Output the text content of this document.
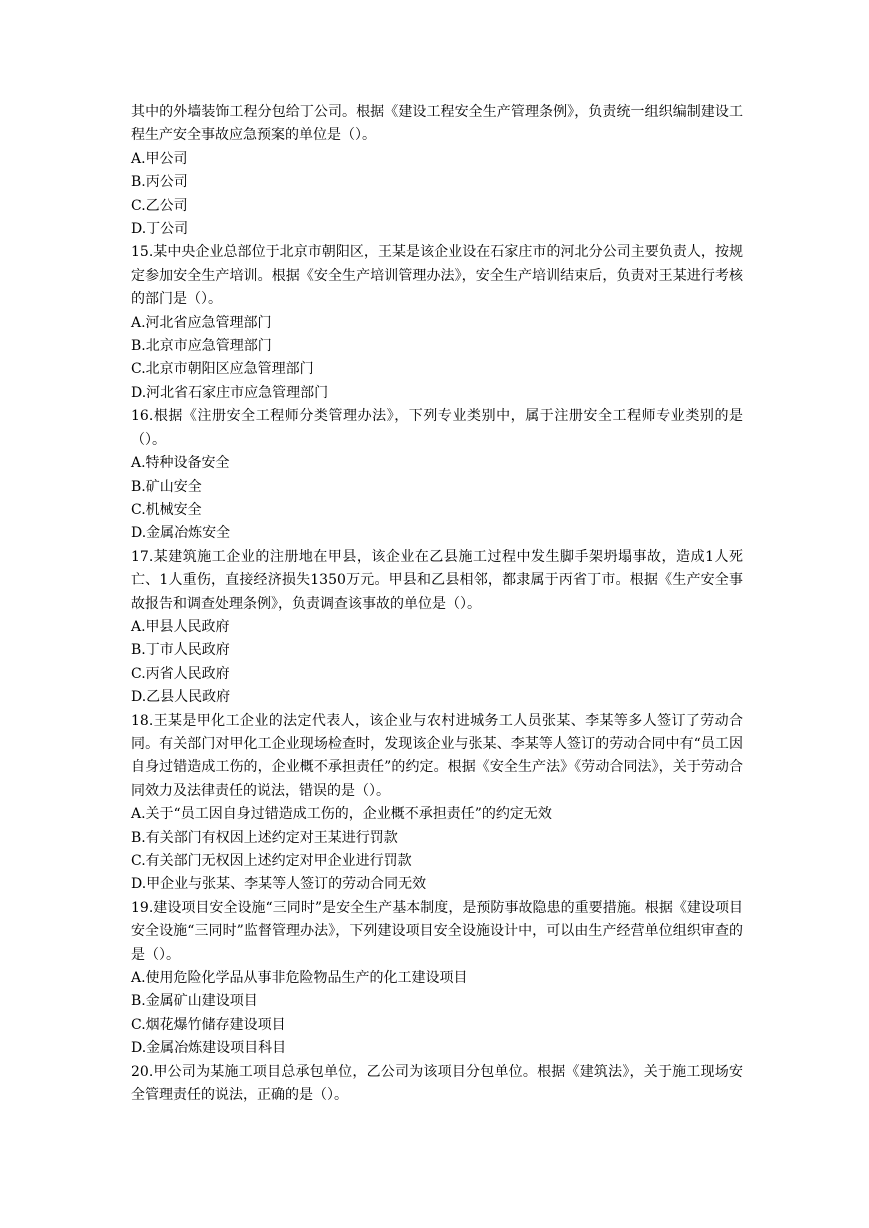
其中的外墙装饰工程分包给丁公司。根据《建设工程安全生产管理条例》，负责统一组织编制建设工程生产安全事故应急预案的单位是（）。

A.甲公司

B.丙公司

C.乙公司

D.丁公司

15.某中央企业总部位于北京市朝阳区，王某是该企业设在石家庄市的河北分公司主要负责人，按规定参加安全生产培训。根据《安全生产培训管理办法》，安全生产培训结束后，负责对王某进行考核的部门是（）。

A.河北省应急管理部门

B.北京市应急管理部门

C.北京市朝阳区应急管理部门

D.河北省石家庄市应急管理部门

16.根据《注册安全工程师分类管理办法》，下列专业类别中，属于注册安全工程师专业类别的是（）。

A.特种设备安全

B.矿山安全

C.机械安全

D.金属冶炼安全

17.某建筑施工企业的注册地在甲县，该企业在乙县施工过程中发生脚手架坍塌事故，造成1人死亡、1人重伤，直接经济损失1350万元。甲县和乙县相邻，都隶属于丙省丁市。根据《生产安全事故报告和调查处理条例》，负责调查该事故的单位是（）。

A.甲县人民政府

B.丁市人民政府

C.丙省人民政府

D.乙县人民政府

18.王某是甲化工企业的法定代表人，该企业与农村进城务工人员张某、李某等多人签订了劳动合同。有关部门对甲化工企业现场检查时，发现该企业与张某、李某等人签订的劳动合同中有“员工因自身过错造成工伤的，企业概不承担责任”的约定。根据《安全生产法》《劳动合同法》，关于劳动合同效力及法律责任的说法，错误的是（）。

A.关于“员工因自身过错造成工伤的，企业概不承担责任”的约定无效

B.有关部门有权因上述约定对王某进行罚款

C.有关部门无权因上述约定对甲企业进行罚款

D.甲企业与张某、李某等人签订的劳动合同无效

19.建设项目安全设施“三同时”是安全生产基本制度，是预防事故隐患的重要措施。根据《建设项目安全设施“三同时”监督管理办法》，下列建设项目安全设施设计中，可以由生产经营单位组织审查的是（）。

A.使用危险化学品从事非危险物品生产的化工建设项目

B.金属矿山建设项目

C.烟花爆竹储存建设项目

D.金属冶炼建设项目科目

20.甲公司为某施工项目总承包单位，乙公司为该项目分包单位。根据《建筑法》，关于施工现场安全管理责任的说法，正确的是（）。
